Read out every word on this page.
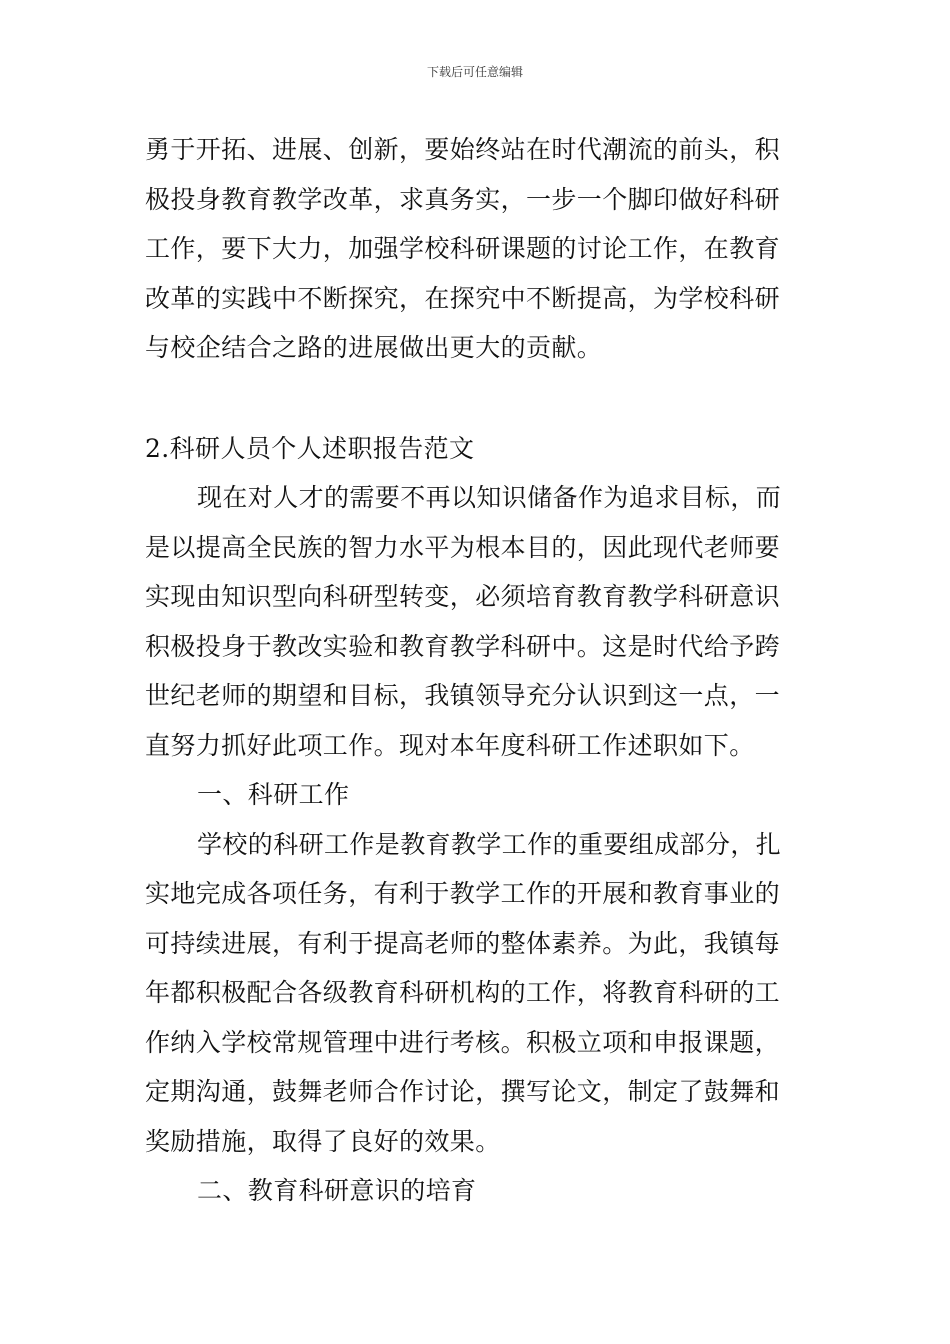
下载后可任意编辑
勇于开拓、进展、创新，要始终站在时代潮流的前头，积
极投身教育教学改革，求真务实，一步一个脚印做好科研
工作，要下大力，加强学校科研课题的讨论工作，在教育
改革的实践中不断探究，在探究中不断提高，为学校科研
与校企结合之路的进展做出更大的贡献。
2.科研人员个人述职报告范文
现在对人才的需要不再以知识储备作为追求目标，而
是以提高全民族的智力水平为根本目的，因此现代老师要
实现由知识型向科研型转变，必须培育教育教学科研意识
积极投身于教改实验和教育教学科研中。这是时代给予跨
世纪老师的期望和目标，我镇领导充分认识到这一点，一
直努力抓好此项工作。现对本年度科研工作述职如下。
一、科研工作
学校的科研工作是教育教学工作的重要组成部分，扎
实地完成各项任务，有利于教学工作的开展和教育事业的
可持续进展，有利于提高老师的整体素养。为此，我镇每
年都积极配合各级教育科研机构的工作，将教育科研的工
作纳入学校常规管理中进行考核。积极立项和申报课题，
定期沟通，鼓舞老师合作讨论，撰写论文，制定了鼓舞和
奖励措施，取得了良好的效果。
二、教育科研意识的培育
